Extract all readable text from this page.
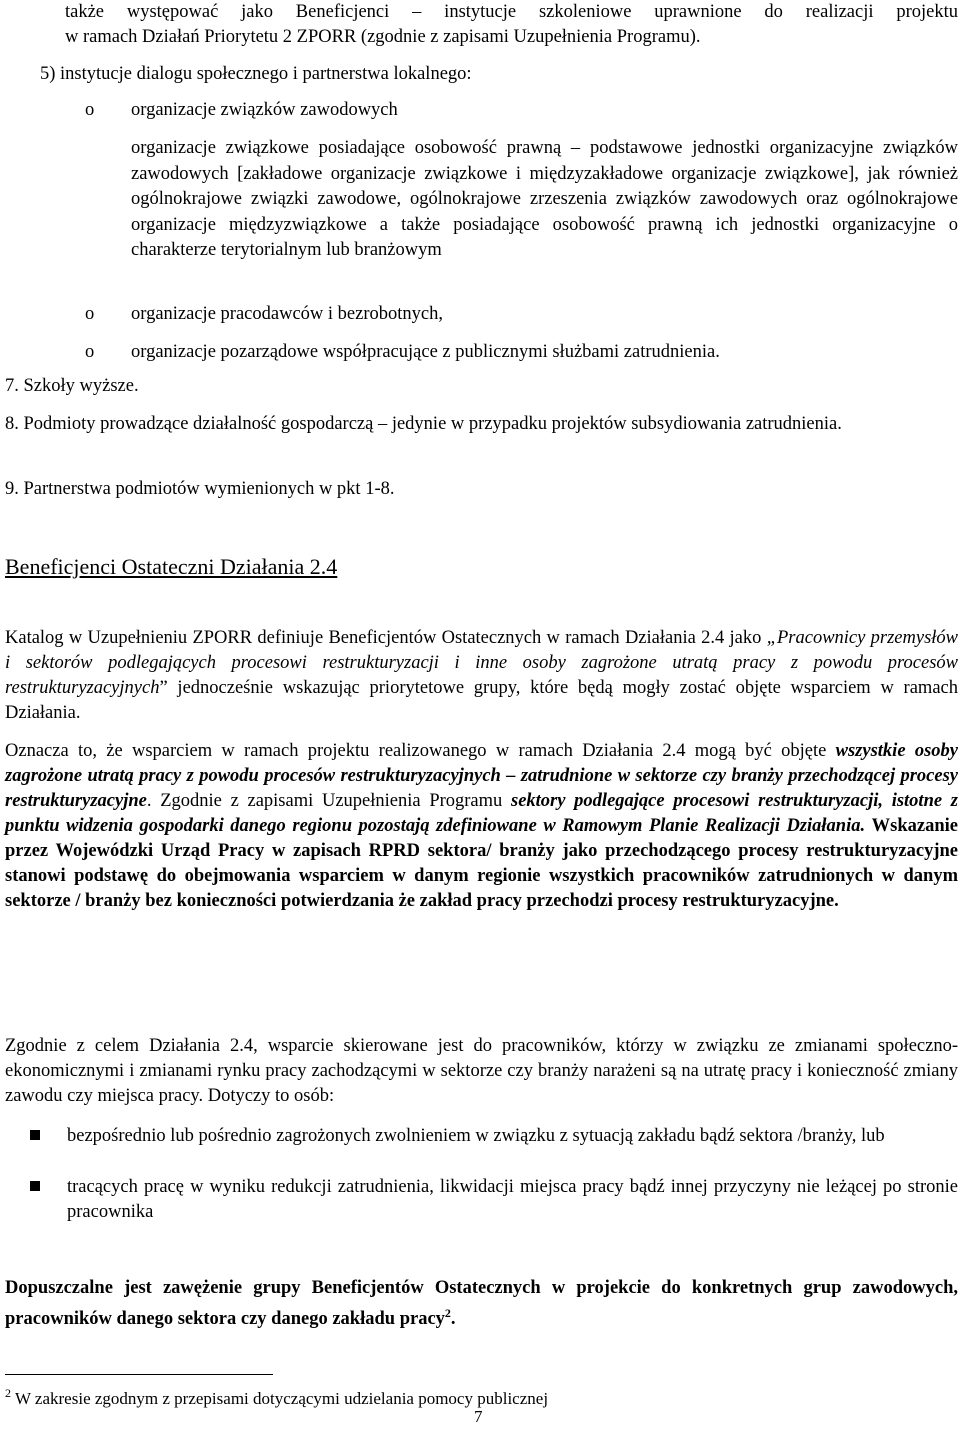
także występować jako Beneficjenci – instytucje szkoleniowe uprawnione do realizacji projektu
w ramach Działań Priorytetu 2 ZPORR (zgodnie z zapisami Uzupełnienia Programu).
5) instytucje dialogu społecznego i partnerstwa lokalnego:
o organizacje związków zawodowych
organizacje związkowe posiadające osobowość prawną – podstawowe jednostki organizacyjne związków zawodowych [zakładowe organizacje związkowe i międzyzakładowe organizacje związkowe], jak również ogólnokrajowe związki zawodowe, ogólnokrajowe zrzeszenia związków zawodowych oraz ogólnokrajowe organizacje międzyzwiązkowe a także posiadające osobowość prawną ich jednostki organizacyjne o charakterze terytorialnym lub branżowym
o organizacje pracodawców i bezrobotnych,
o organizacje pozarządowe współpracujące z publicznymi służbami zatrudnienia.
7. Szkoły wyższe.
8. Podmioty prowadzące działalność gospodarczą – jedynie w przypadku projektów subsydiowania zatrudnienia.
9. Partnerstwa podmiotów wymienionych w pkt 1-8.
Beneficjenci Ostateczni Działania 2.4
Katalog w Uzupełnieniu ZPORR definiuje Beneficjentów Ostatecznych w ramach Działania 2.4 jako „Pracownicy przemysłów i sektorów podlegających procesowi restrukturyzacji i inne osoby zagrożone utratą pracy z powodu procesów restrukturyzacyjnych” jednocześnie wskazując priorytetowe grupy, które będą mogły zostać objęte wsparciem w ramach Działania.
Oznacza to, że wsparciem w ramach projektu realizowanego w ramach Działania 2.4 mogą być objęte wszystkie osoby zagrożone utratą pracy z powodu procesów restrukturyzacyjnych – zatrudnione w sektorze czy branży przechodzącej procesy restrukturyzacyjne. Zgodnie z zapisami Uzupełnienia Programu sektory podlegające procesowi restrukturyzacji, istotne z punktu widzenia gospodarki danego regionu pozostają zdefiniowane w Ramowym Planie Realizacji Działania. Wskazanie przez Wojewódzki Urząd Pracy w zapisach RPRD sektora/ branży jako przechodzącego procesy restrukturyzacyjne stanowi podstawę do obejmowania wsparciem w danym regionie wszystkich pracowników zatrudnionych w danym sektorze / branży bez konieczności potwierdzania że zakład pracy przechodzi procesy restrukturyzacyjne.
Zgodnie z celem Działania 2.4, wsparcie skierowane jest do pracowników, którzy w związku ze zmianami społeczno- ekonomicznymi i zmianami rynku pracy zachodzącymi w sektorze czy branży narażeni są na utratę pracy i konieczność zmiany zawodu czy miejsca pracy. Dotyczy to osób:
bezpośrednio lub pośrednio zagrożonych zwolnieniem w związku z sytuacją zakładu bądź sektora /branży, lub
tracących pracę w wyniku redukcji zatrudnienia, likwidacji miejsca pracy bądź innej przyczyny nie leżącej po stronie pracownika
Dopuszczalne jest zawężenie grupy Beneficjentów Ostatecznych w projekcie do konkretnych grup zawodowych, pracowników danego sektora czy danego zakładu pracy$^2$.
$^2$ W zakresie zgodnym z przepisami dotyczącymi udzielania pomocy publicznej
7
